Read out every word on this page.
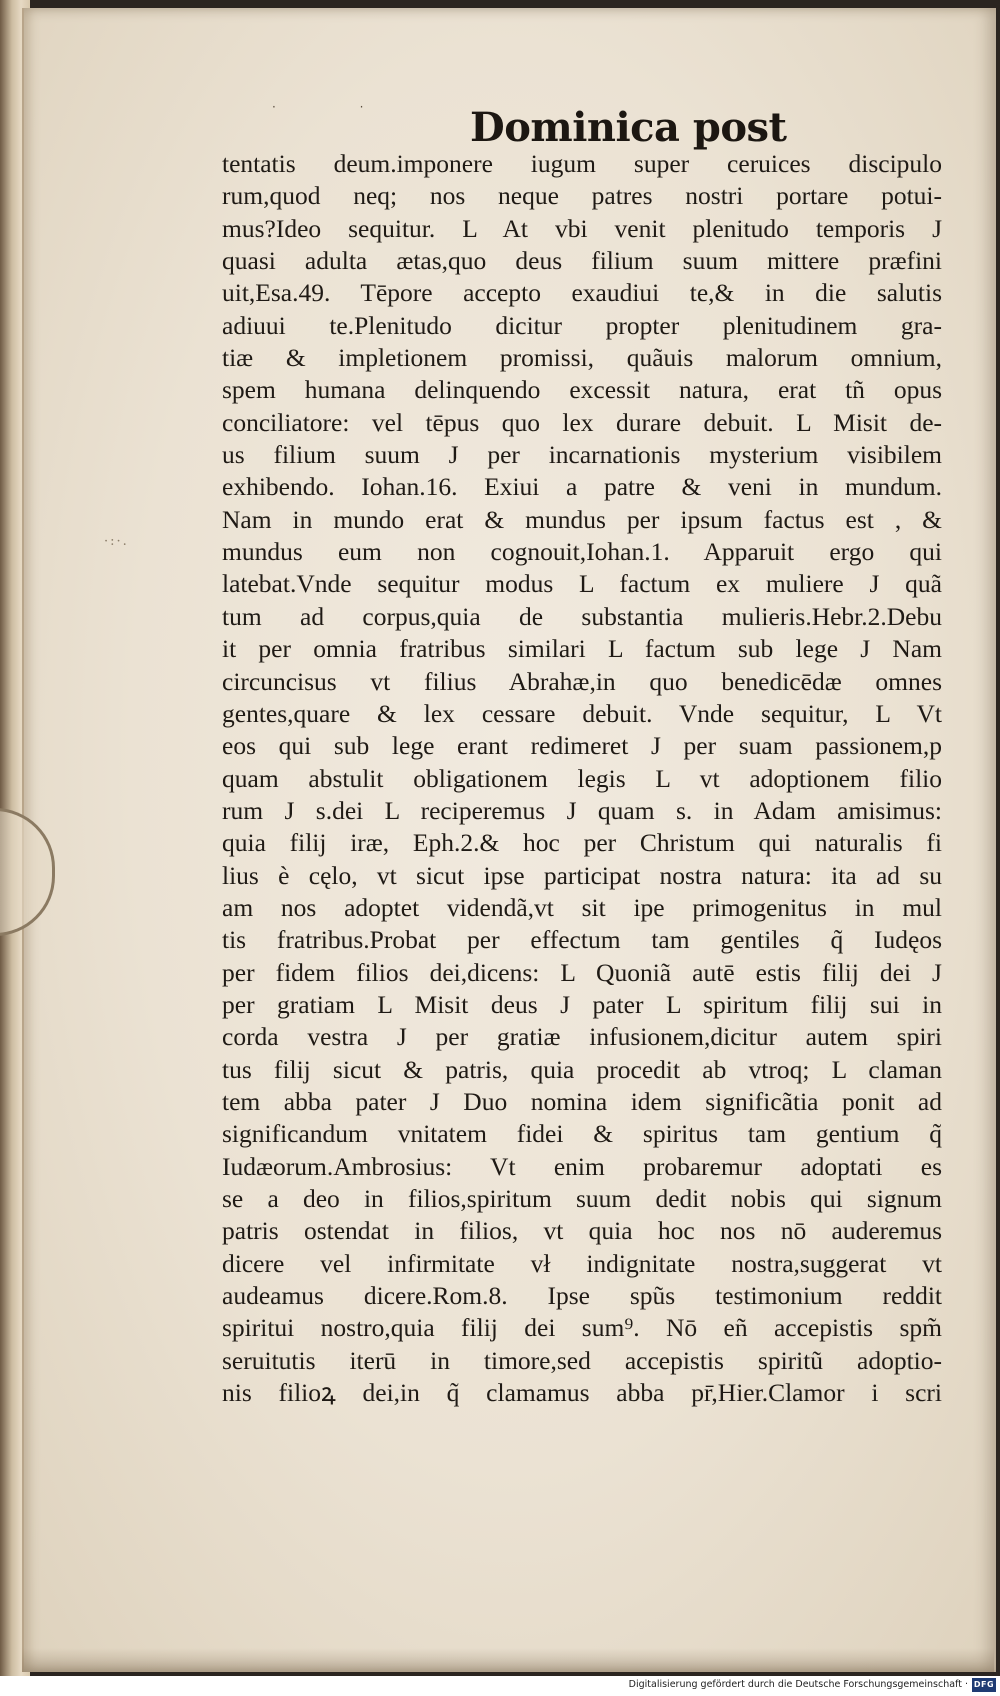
· ·
·:·.
Dominica post
tentatis deum.imponere iugum super ceruices discipulo
rum,quod neq; nos neque patres nostri portare potui-
mus?Ideo sequitur. L At vbi venit plenitudo temporis J
quasi adulta ætas,quo deus filium suum mittere præfini
uit,Esa.49. Tēpore accepto exaudiui te,& in die salutis
adiuui te.Plenitudo dicitur propter plenitudinem gra-
tiæ & impletionem promissi, quãuis malorum omnium,
spem humana delinquendo excessit natura, erat tñ opus
conciliatore: vel tēpus quo lex durare debuit. L Misit de-
us filium suum J per incarnationis mysterium visibilem
exhibendo. Iohan.16. Exiui a patre & veni in mundum.
Nam in mundo erat & mundus per ipsum factus est , &
mundus eum non cognouit,Iohan.1. Apparuit ergo qui
latebat.Vnde sequitur modus L factum ex muliere J quã
tum ad corpus,quia de substantia mulieris.Hebr.2.Debu
it per omnia fratribus similari L factum sub lege J Nam
circuncisus vt filius Abrahæ,in quo benedicēdæ omnes
gentes,quare & lex cessare debuit. Vnde sequitur, L Vt
eos qui sub lege erant redimeret J per suam passionem,p
quam abstulit obligationem legis L vt adoptionem filio
rum J s.dei L reciperemus J quam s. in Adam amisimus:
quia filij iræ, Eph.2.& hoc per Christum qui naturalis fi
lius è cęlo, vt sicut ipse participat nostra natura: ita ad su
am nos adoptet videndã,vt sit ipe primogenitus in mul
tis fratribus.Probat per effectum tam gentiles q̃ Iudęos
per fidem filios dei,dicens: L Quoniã autē estis filij dei J
per gratiam L Misit deus J pater L spiritum filij sui in
corda vestra J per gratiæ infusionem,dicitur autem spiri
tus filij sicut & patris, quia procedit ab vtroq; L claman
tem abba pater J Duo nomina idem significãtia ponit ad
significandum vnitatem fidei & spiritus tam gentium q̃
Iudæorum.Ambrosius: Vt enim probaremur adoptati es
se a deo in filios,spiritum suum dedit nobis qui signum
patris ostendat in filios, vt quia hoc nos nō auderemus
dicere vel infirmitate vł indignitate nostra,suggerat vt
audeamus dicere.Rom.8. Ipse spũs testimonium reddit
spiritui nostro,quia filij dei sum⁹. Nō eñ accepistis spm̃
seruitutis iterū in timore,sed accepistis spiritũ adoptio-
nis filioꝝ dei,in q̃ clamamus abba pr̄,Hier.Clamor i scri
Digitalisierung gefördert durch die Deutsche Forschungsgemeinschaft · DFG
